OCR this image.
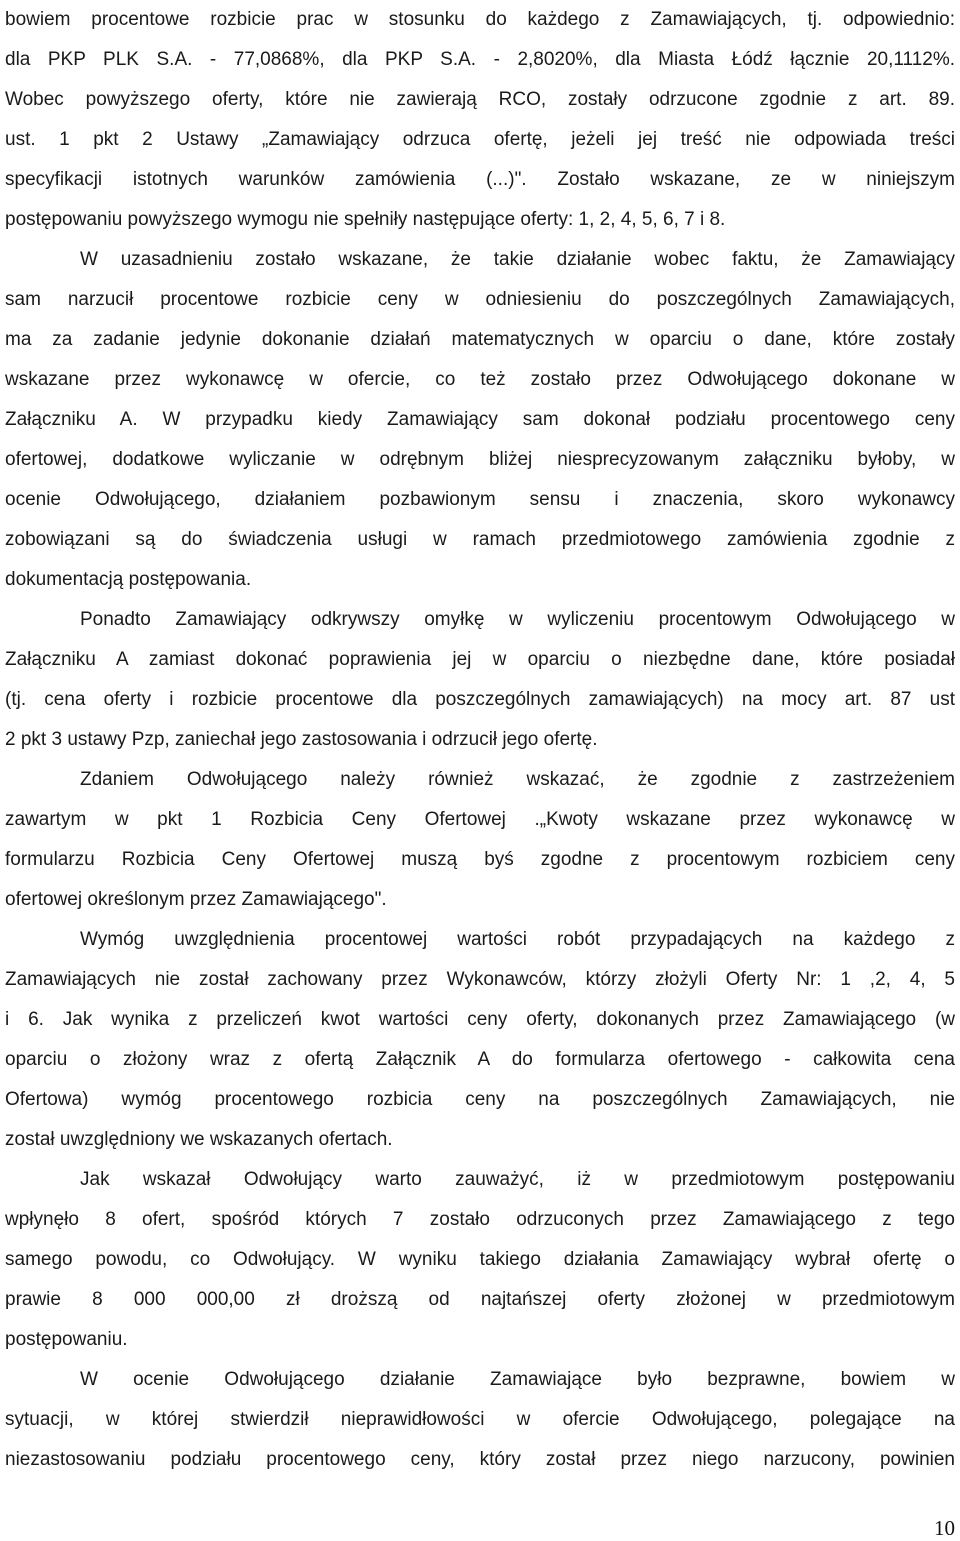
bowiem procentowe rozbicie prac w stosunku do każdego z Zamawiających, tj. odpowiednio:
dla PKP PLK S.A. - 77,0868%, dla PKP S.A. - 2,8020%, dla Miasta Łódź łącznie 20,1112%.
Wobec powyższego oferty, które nie zawierają RCO, zostały odrzucone zgodnie z art. 89.
ust. 1 pkt 2 Ustawy „Zamawiający odrzuca ofertę, jeżeli jej treść nie odpowiada treści
specyfikacji istotnych warunków zamówienia (...)". Zostało wskazane, ze w niniejszym
postępowaniu powyższego wymogu nie spełniły następujące oferty: 1, 2, 4, 5, 6, 7 i 8.
W uzasadnieniu zostało wskazane, że takie działanie wobec faktu, że Zamawiający
sam narzucił procentowe rozbicie ceny w odniesieniu do poszczególnych Zamawiających,
ma za zadanie jedynie dokonanie działań matematycznych w oparciu o dane, które zostały
wskazane przez wykonawcę w ofercie, co też zostało przez Odwołującego dokonane w
Załączniku A. W przypadku kiedy Zamawiający sam dokonał podziału procentowego ceny
ofertowej, dodatkowe wyliczanie w odrębnym bliżej niesprecyzowanym załączniku byłoby, w
ocenie Odwołującego, działaniem pozbawionym sensu i znaczenia, skoro wykonawcy
zobowiązani są do świadczenia usługi w ramach przedmiotowego zamówienia zgodnie z
dokumentacją postępowania.
Ponadto Zamawiający odkrywszy omyłkę w wyliczeniu procentowym Odwołującego w
Załączniku A zamiast dokonać poprawienia jej w oparciu o niezbędne dane, które posiadał
(tj. cena oferty i rozbicie procentowe dla poszczególnych zamawiających) na mocy art. 87 ust
2 pkt 3 ustawy Pzp, zaniechał jego zastosowania i odrzucił jego ofertę.
Zdaniem Odwołującego należy również wskazać, że zgodnie z zastrzeżeniem
zawartym w pkt 1 Rozbicia Ceny Ofertowej .„Kwoty wskazane przez wykonawcę w
formularzu Rozbicia Ceny Ofertowej muszą byś zgodne z procentowym rozbiciem ceny
ofertowej określonym przez Zamawiającego".
Wymóg uwzględnienia procentowej wartości robót przypadających na każdego z
Zamawiających nie został zachowany przez Wykonawców, którzy złożyli Oferty Nr: 1 ,2, 4, 5
i 6. Jak wynika z przeliczeń kwot wartości ceny oferty, dokonanych przez Zamawiającego (w
oparciu o złożony wraz z ofertą Załącznik A do formularza ofertowego - całkowita cena
Ofertowa) wymóg procentowego rozbicia ceny na poszczególnych Zamawiających, nie
został uwzględniony we wskazanych ofertach.
Jak wskazał Odwołujący warto zauważyć, iż w przedmiotowym postępowaniu
wpłynęło 8 ofert, spośród których 7 zostało odrzuconych przez Zamawiającego z tego
samego powodu, co Odwołujący. W wyniku takiego działania Zamawiający wybrał ofertę o
prawie 8 000 000,00 zł droższą od najtańszej oferty złożonej w przedmiotowym
postępowaniu.
W ocenie Odwołującego działanie Zamawiające było bezprawne, bowiem w
sytuacji, w której stwierdził nieprawidłowości w ofercie Odwołującego, polegające na
niezastosowaniu podziału procentowego ceny, który został przez niego narzucony, powinien
10
